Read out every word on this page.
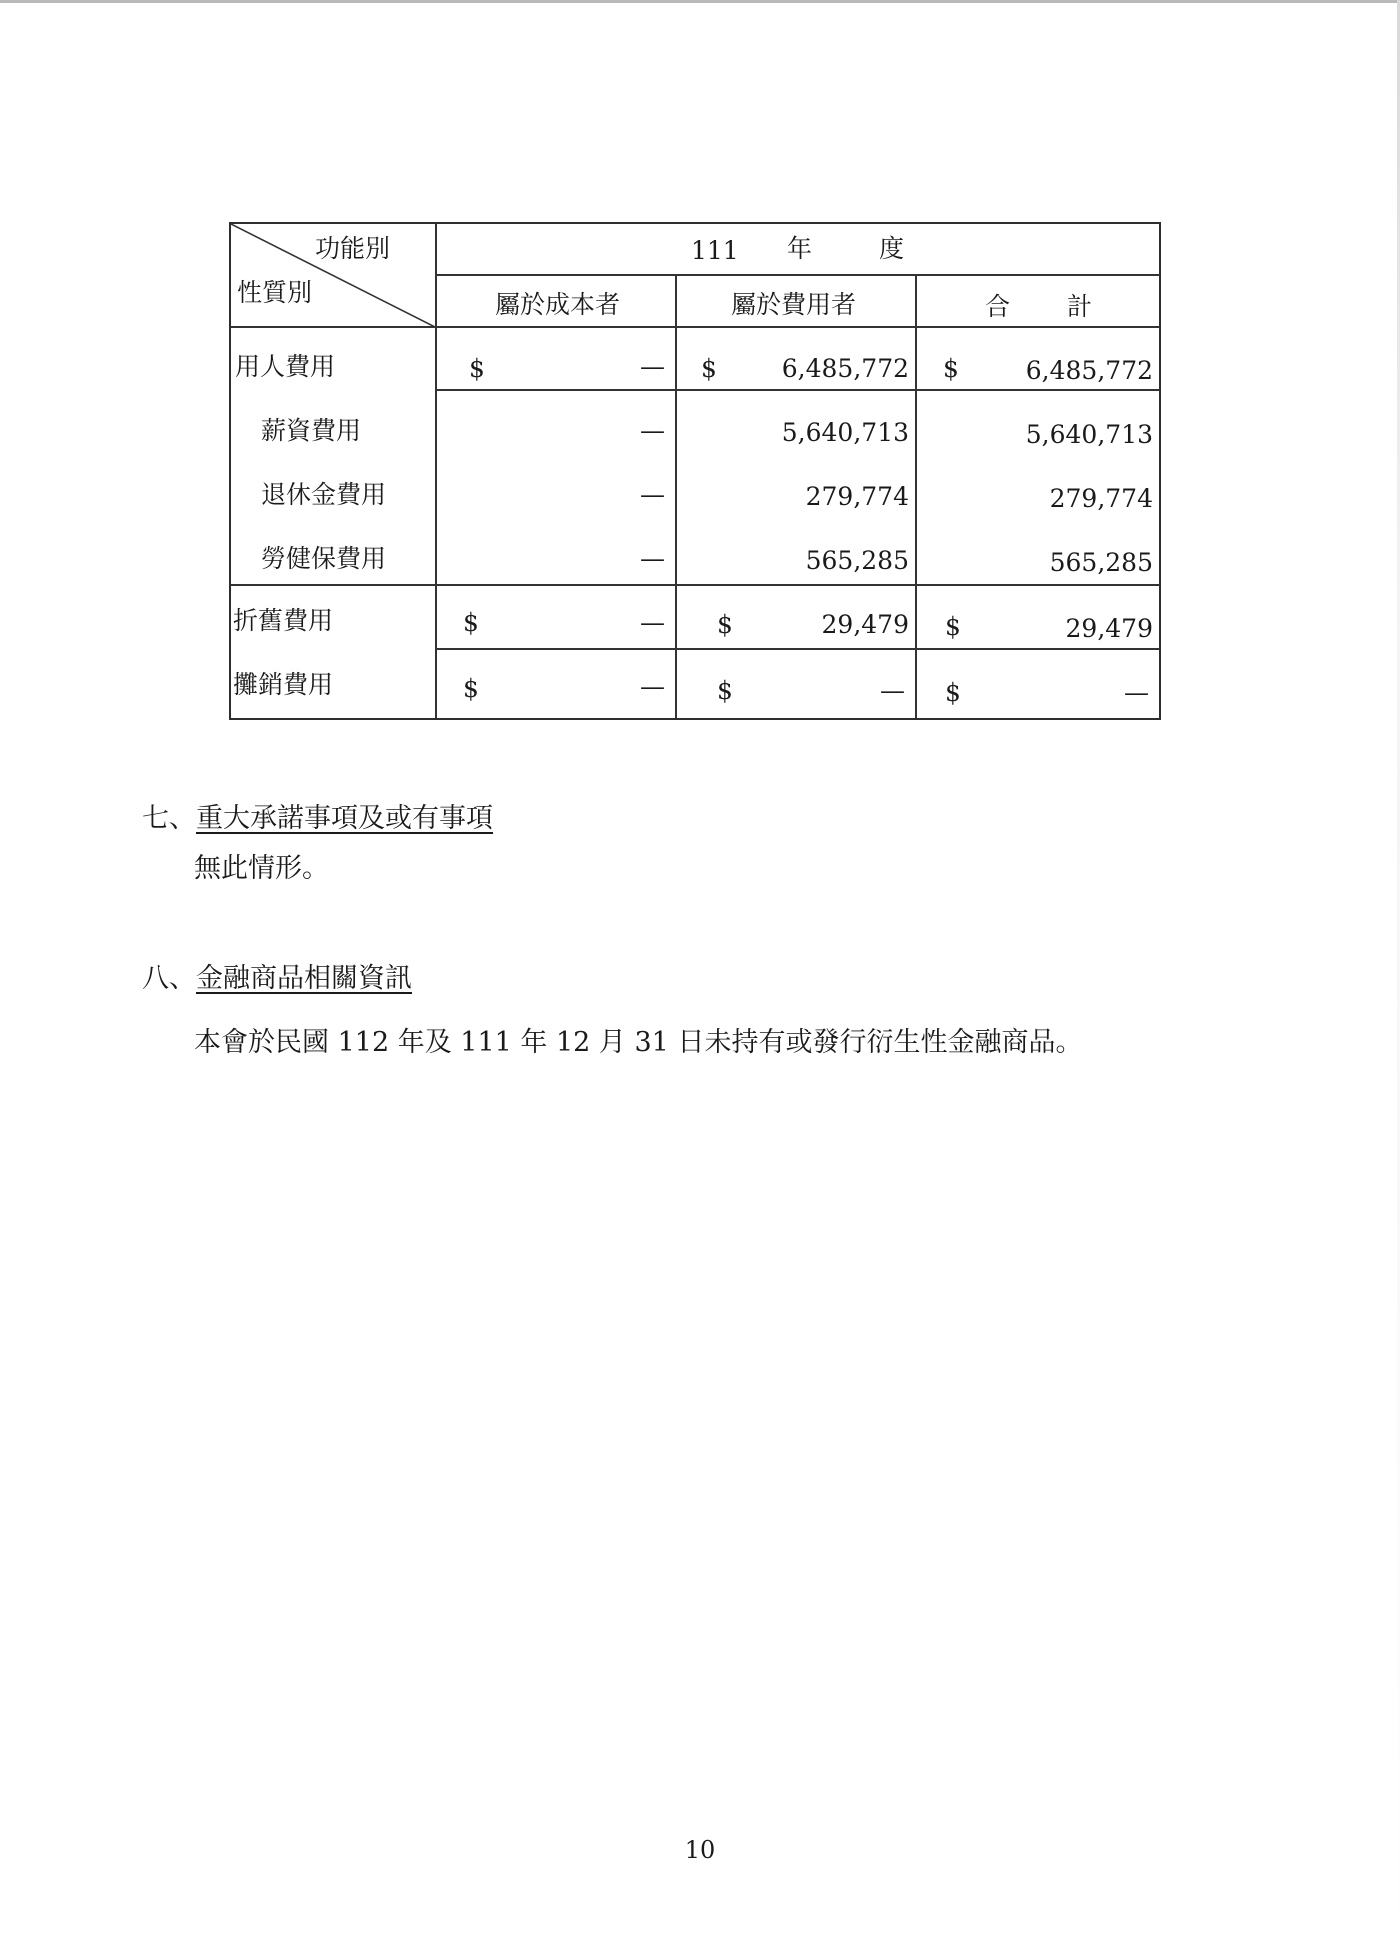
功能別
性質別
111 年	度
屬於成本者	屬於費用者	合 計
用人費用	$	— $	6,485,772 $	6,485,772
薪資費用	—	5,640,713	5,640,713
退休金費用	—	279,774	279,774
勞健保費用	—	565,285	565,285
折舊費用	$	— $	29,479 $	29,479
攤銷費用	$	— $	— $	—
七、重大承諾事項及或有事項
無此情形。
八、金融商品相關資訊
本會於民國 112 年及 111 年 12 月 31 日未持有或發行衍生性金融商品。
10
